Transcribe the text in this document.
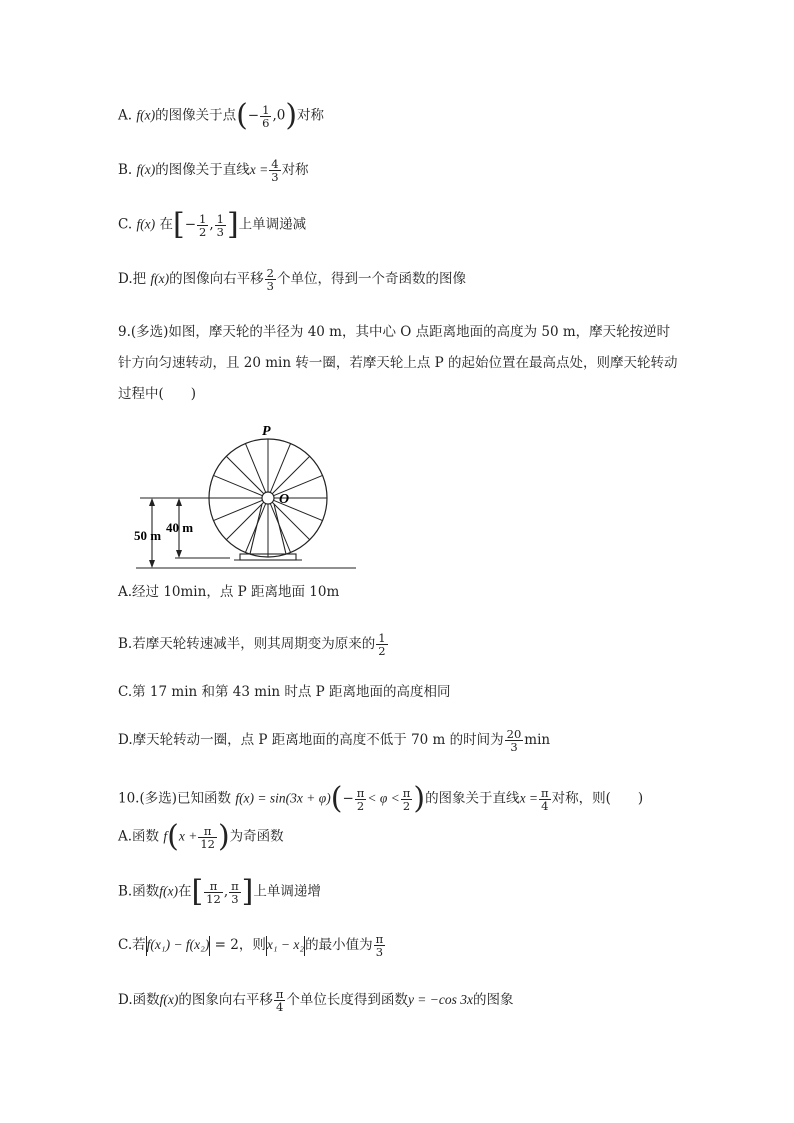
A. f(x)的图像关于点(− $\frac{1}{6} ,0$)对称
B. f(x)的图像关于直线$x = \frac{4}{3}$ 对称
C. f(x) 在[− $\frac{1}{2}$ , $\frac{1}{3}$ ]上单调递减
D.把 f(x)的图像向右平移 $\frac{2}{3}$ 个单位，得到一个奇函数的图像
9.(多选)如图，摩天轮的半径为 40 m，其中心 O 点距离地面的高度为 50 m，摩天轮按逆时针方向匀速转动，且 20 min 转一圈，若摩天轮上点 P 的起始位置在最高点处，则摩天轮转动过程中(　　)
P
O
40 m
50 m
A.经过 10min，点 P 距离地面 10m
B.若摩天轮转速减半，则其周期变为原来的 $\frac{1}{2}$
C.第 17 min 和第 43 min 时点 P 距离地面的高度相同
D.摩天轮转动一圈，点 P 距离地面的高度不低于 70 m 的时间为 $\frac{20}{3}$ min
10.(多选)已知函数 $f(x) = \sin(3x + \varphi)(- \frac{\pi}{2} < \varphi < \frac{\pi}{2}$ )的图象关于直线$x = \frac{\pi}{4}$ 对称，则(　　)
A.函数 $f(x + \frac{\pi}{12}$ )为奇函数
B.函数f(x)在[ $\frac{\pi}{12}$ , $\frac{\pi}{3}$ ]上单调递增
C.若f(x₁) − f(x₂) = 2，则x₁ − x₂的最小值为 $\frac{\pi}{3}$
D.函数f(x)的图象向右平移 $\frac{\pi}{4}$ 个单位长度得到函数y = −cos 3x的图象
